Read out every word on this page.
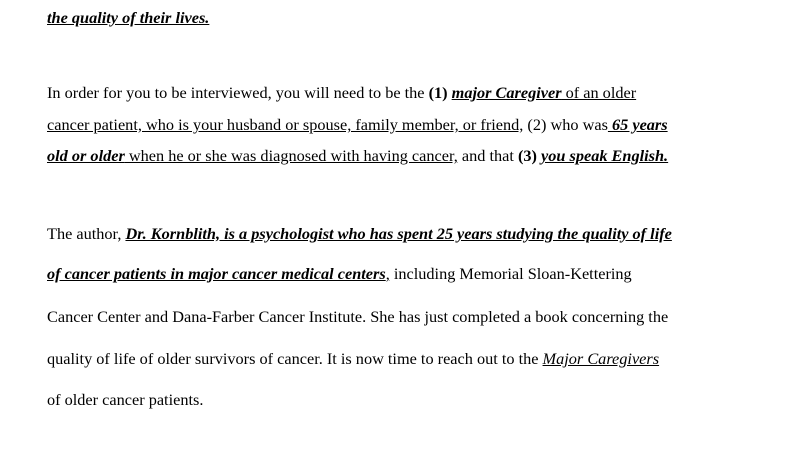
the quality of their lives.
In order for you to be interviewed, you will need to be the (1) major Caregiver of an older
cancer patient, who is your husband or spouse, family member, or friend, (2) who was 65 years
old or older when he or she was diagnosed with having cancer, and that (3) you speak English.
The author, Dr. Kornblith, is a psychologist who has spent 25 years studying the quality of life
of cancer patients in major cancer medical centers, including Memorial Sloan-Kettering
Cancer Center and Dana-Farber Cancer Institute. She has just completed a book concerning the
quality of life of older survivors of cancer. It is now time to reach out to the Major Caregivers
of older cancer patients.
